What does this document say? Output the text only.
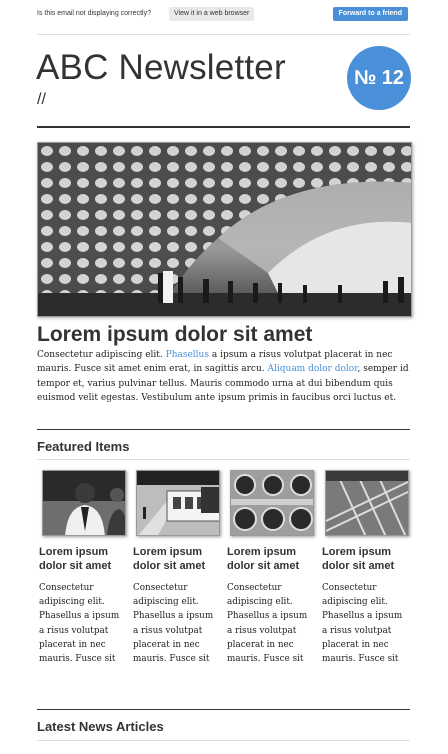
Is this email not displaying correctly?	View it in a web browser	Forward to a friend
ABC Newsletter
//
№ 12
Lorem ipsum dolor sit amet

Consectetur adipiscing elit. Phasellus a ipsum a risus volutpat placerat in nec mauris. Fusce sit amet enim erat, in sagittis arcu. Aliquam dolor dolor, semper id tempor et, varius pulvinar tellus. Mauris commodo urna at dui bibendum quis euismod velit egestas. Vestibulum ante ipsum primis in faucibus orci luctus et.

Featured Items
Lorem ipsum dolor sit amet
Consectetur adipiscing elit. Phasellus a ipsum a risus volutpat placerat in nec mauris. Fusce sit
Lorem ipsum dolor sit amet
Consectetur adipiscing elit. Phasellus a ipsum a risus volutpat placerat in nec mauris. Fusce sit
Lorem ipsum dolor sit amet
Consectetur adipiscing elit. Phasellus a ipsum a risus volutpat placerat in nec mauris. Fusce sit
Lorem ipsum dolor sit amet
Consectetur adipiscing elit. Phasellus a ipsum a risus volutpat placerat in nec mauris. Fusce sit
Latest News Articles
